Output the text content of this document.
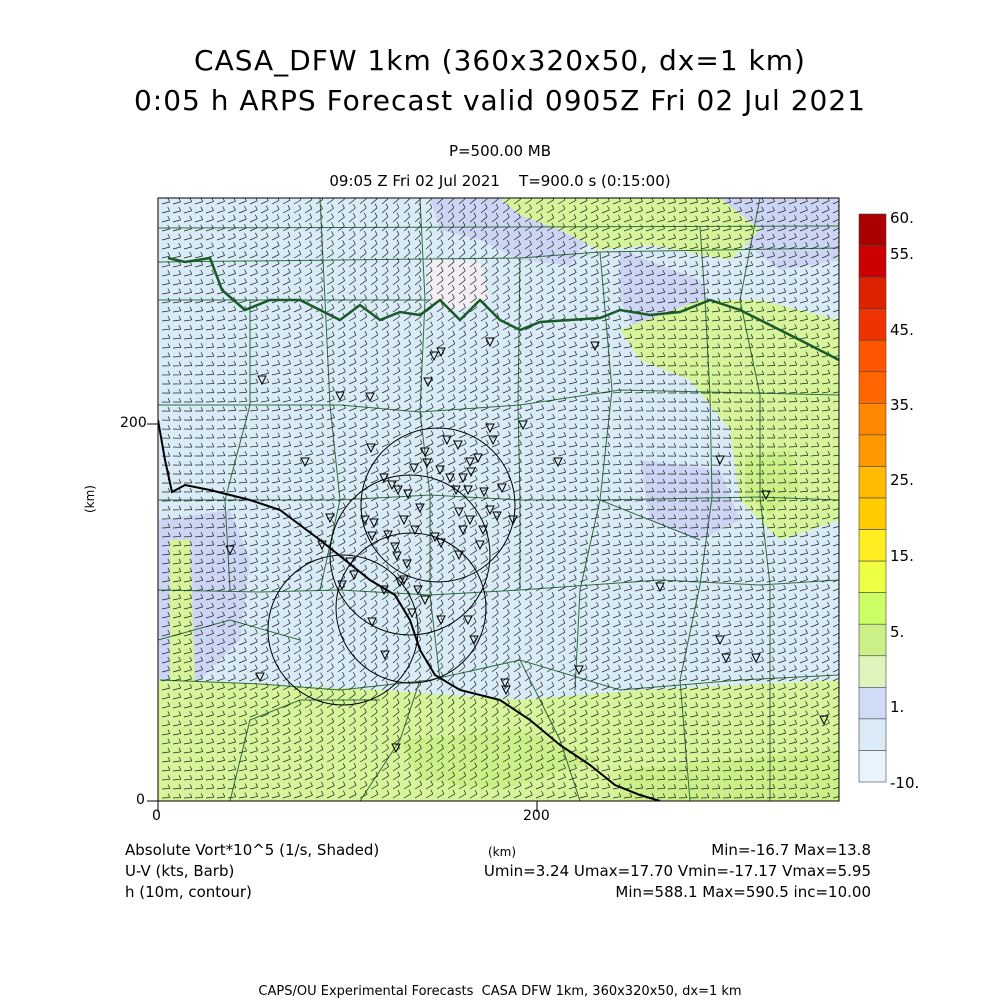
CASA_DFW 1km (360x320x50, dx=1 km)
0:05 h ARPS Forecast valid 0905Z Fri 02 Jul 2021
P=500.00 MB
09:05 Z Fri 02 Jul 2021    T=900.0 s (0:15:00)
0	200
0
200
(km)
(km)
60.
55.
45.
35.
25.
15.
5.
1.
-10.
Absolute Vort*10^5 (1/s, Shaded)
U-V (kts, Barb)
h (10m, contour)
Min=-16.7 Max=13.8
Umin=3.24 Umax=17.70 Vmin=-17.17 Vmax=5.95
Min=588.1 Max=590.5 inc=10.00
CAPS/OU Experimental Forecasts  CASA DFW 1km, 360x320x50, dx=1 km
